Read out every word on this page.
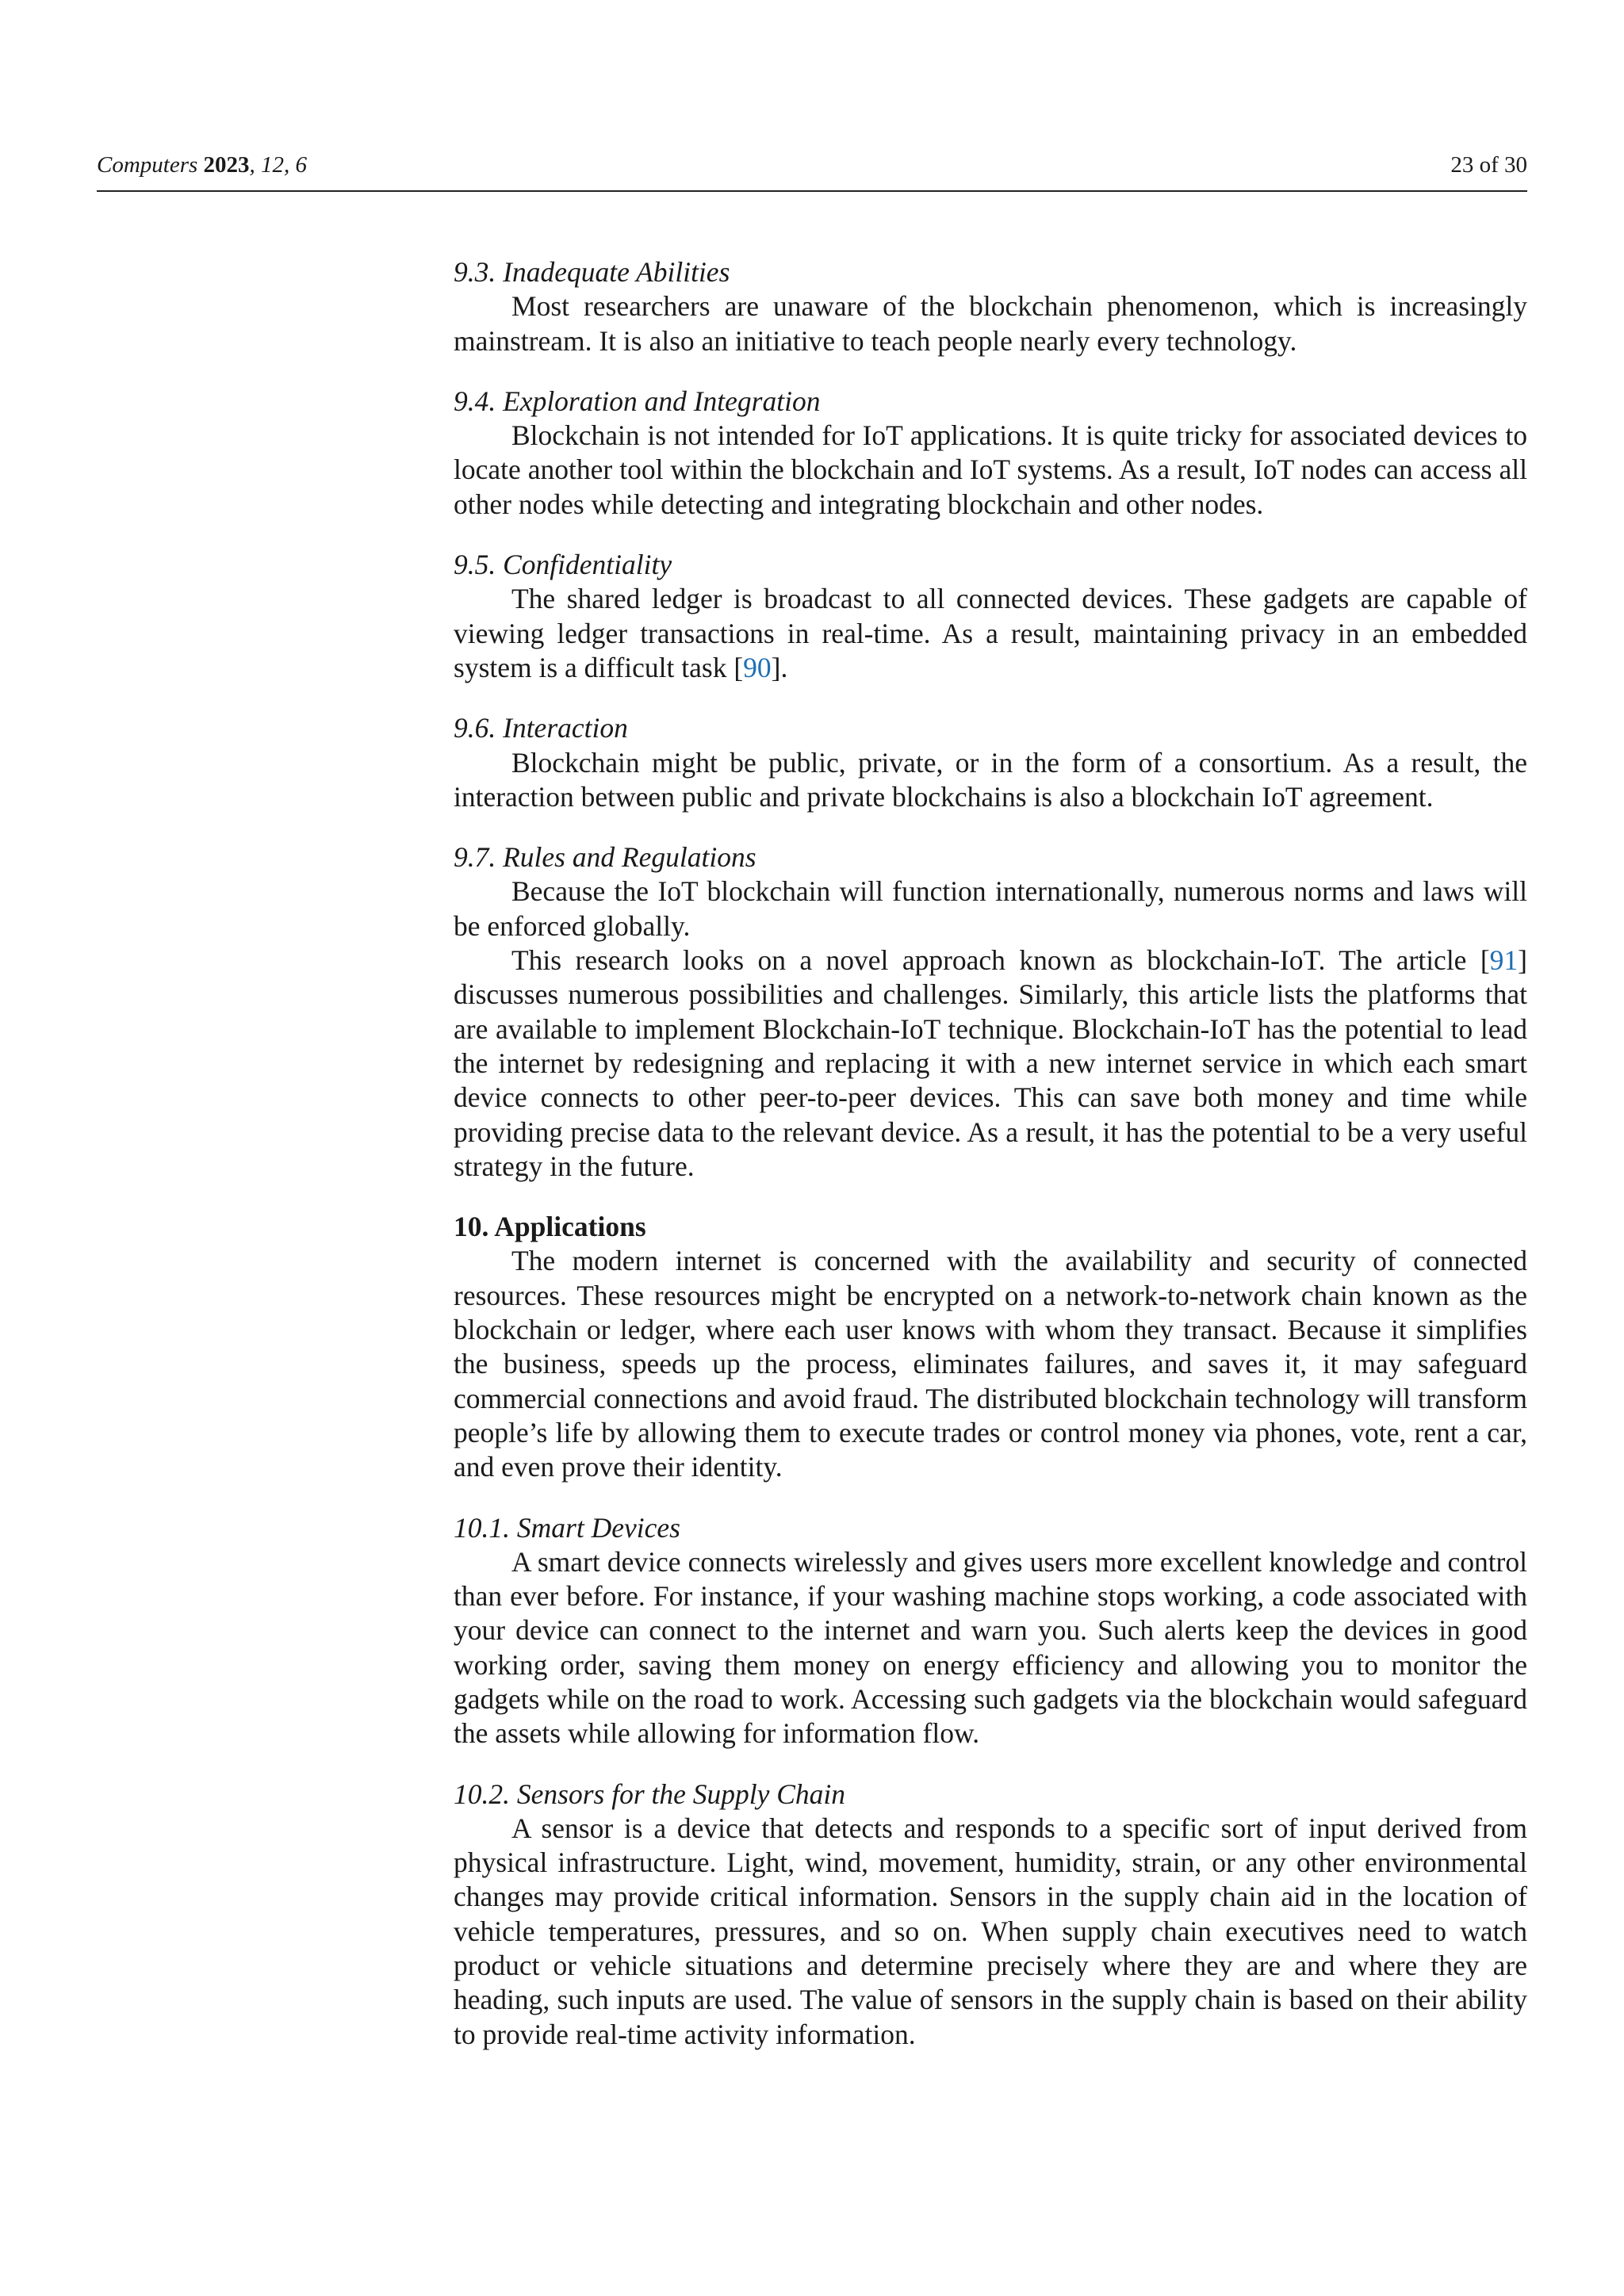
Computers 2023, 12, 6	23 of 30
9.3. Inadequate Abilities

Most researchers are unaware of the blockchain phenomenon, which is increasingly mainstream. It is also an initiative to teach people nearly every technology.

9.4. Exploration and Integration

Blockchain is not intended for IoT applications. It is quite tricky for associated devices to locate another tool within the blockchain and IoT systems. As a result, IoT nodes can access all other nodes while detecting and integrating blockchain and other nodes.

9.5. Confidentiality

The shared ledger is broadcast to all connected devices. These gadgets are capable of viewing ledger transactions in real-time. As a result, maintaining privacy in an embedded system is a difficult task [90].

9.6. Interaction

Blockchain might be public, private, or in the form of a consortium. As a result, the interaction between public and private blockchains is also a blockchain IoT agreement.

9.7. Rules and Regulations

Because the IoT blockchain will function internationally, numerous norms and laws will be enforced globally.

This research looks on a novel approach known as blockchain-IoT. The article [91] discusses numerous possibilities and challenges. Similarly, this article lists the platforms that are available to implement Blockchain-IoT technique. Blockchain-IoT has the potential to lead the internet by redesigning and replacing it with a new internet service in which each smart device connects to other peer-to-peer devices. This can save both money and time while providing precise data to the relevant device. As a result, it has the potential to be a very useful strategy in the future.

10. Applications

The modern internet is concerned with the availability and security of connected resources. These resources might be encrypted on a network-to-network chain known as the blockchain or ledger, where each user knows with whom they transact. Because it simplifies the business, speeds up the process, eliminates failures, and saves it, it may safeguard commercial connections and avoid fraud. The distributed blockchain technology will transform people’s life by allowing them to execute trades or control money via phones, vote, rent a car, and even prove their identity.

10.1. Smart Devices

A smart device connects wirelessly and gives users more excellent knowledge and control than ever before. For instance, if your washing machine stops working, a code associated with your device can connect to the internet and warn you. Such alerts keep the devices in good working order, saving them money on energy efficiency and allowing you to monitor the gadgets while on the road to work. Accessing such gadgets via the blockchain would safeguard the assets while allowing for information flow.

10.2. Sensors for the Supply Chain

A sensor is a device that detects and responds to a specific sort of input derived from physical infrastructure. Light, wind, movement, humidity, strain, or any other environmental changes may provide critical information. Sensors in the supply chain aid in the location of vehicle temperatures, pressures, and so on. When supply chain executives need to watch product or vehicle situations and determine precisely where they are and where they are heading, such inputs are used. The value of sensors in the supply chain is based on their ability to provide real-time activity information.
